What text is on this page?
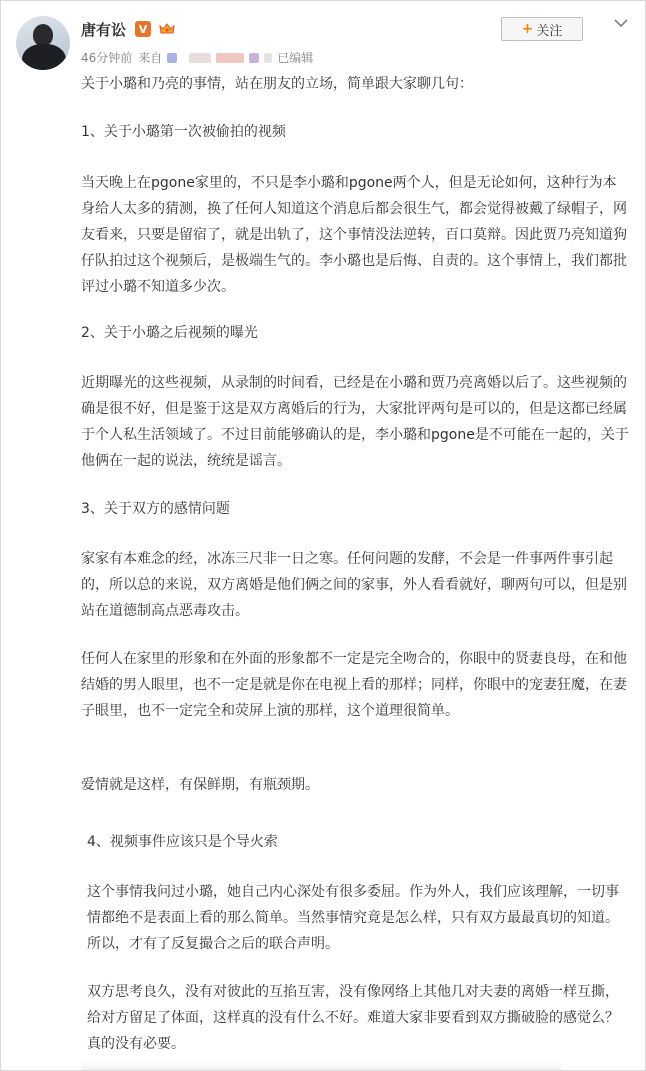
唐有讼	V
46分钟前 来自	已编辑
+ 关注
关于小璐和乃亮的事情，站在朋友的立场，简单跟大家聊几句：
1、关于小璐第一次被偷拍的视频
当天晚上在pgone家里的，不只是李小璐和pgone两个人，但是无论如何，这种行为本身给人太多的猜测，换了任何人知道这个消息后都会很生气，都会觉得被戴了绿帽子，网友看来，只要是留宿了，就是出轨了，这个事情没法逆转，百口莫辩。因此贾乃亮知道狗仔队拍过这个视频后，是极端生气的。李小璐也是后悔、自责的。这个事情上，我们都批评过小璐不知道多少次。
2、关于小璐之后视频的曝光
近期曝光的这些视频，从录制的时间看，已经是在小璐和贾乃亮离婚以后了。这些视频的确是很不好，但是鉴于这是双方离婚后的行为，大家批评两句是可以的，但是这都已经属于个人私生活领域了。不过目前能够确认的是，李小璐和pgone是不可能在一起的，关于他俩在一起的说法，统统是谣言。
3、关于双方的感情问题
家家有本难念的经，冰冻三尺非一日之寒。任何问题的发酵，不会是一件事两件事引起的，所以总的来说，双方离婚是他们俩之间的家事，外人看看就好，聊两句可以，但是别站在道德制高点恶毒攻击。
任何人在家里的形象和在外面的形象都不一定是完全吻合的，你眼中的贤妻良母，在和他结婚的男人眼里，也不一定是就是你在电视上看的那样；同样，你眼中的宠妻狂魔，在妻子眼里，也不一定完全和荧屏上演的那样，这个道理很简单。
爱情就是这样，有保鲜期，有瓶颈期。
4、视频事件应该只是个导火索
这个事情我问过小璐，她自己内心深处有很多委屈。作为外人，我们应该理解，一切事情都绝不是表面上看的那么简单。当然事情究竟是怎么样，只有双方最最真切的知道。所以，才有了反复撮合之后的联合声明。
双方思考良久，没有对彼此的互掐互害，没有像网络上其他几对夫妻的离婚一样互撕，给对方留足了体面，这样真的没有什么不好。难道大家非要看到双方撕破脸的感觉么？真的没有必要。
